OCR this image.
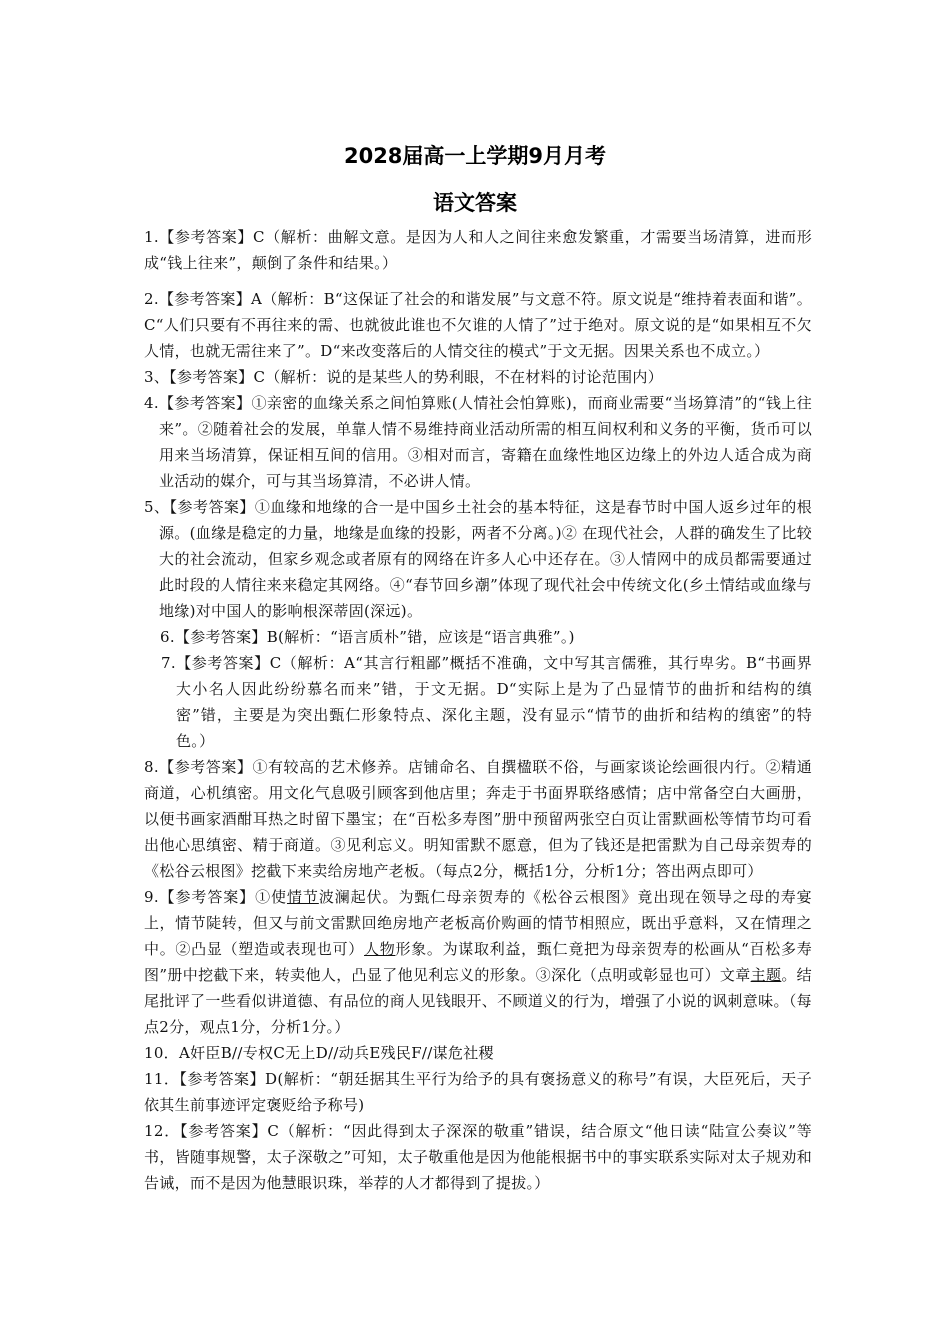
2028届高一上学期9月月考
语文答案

1.【参考答案】C（解析：曲解文意。是因为人和人之间往来愈发繁重，才需要当场清算，进而形成“钱上往来”，颠倒了条件和结果。）

2.【参考答案】A（解析：B“这保证了社会的和谐发展”与文意不符。原文说是“维持着表面和谐”。C“人们只要有不再往来的需、也就彼此谁也不欠谁的人情了”过于绝对。原文说的是“如果相互不欠人情，也就无需往来了”。D“来改变落后的人情交往的模式”于文无据。因果关系也不成立。）

3、【参考答案】C（解析：说的是某些人的势利眼，不在材料的讨论范围内）

4.【参考答案】①亲密的血缘关系之间怕算账(人情社会怕算账)，而商业需要“当场算清”的“钱上往来”。②随着社会的发展，单靠人情不易维持商业活动所需的相互间权利和义务的平衡，货币可以用来当场清算，保证相互间的信用。③相对而言，寄籍在血缘性地区边缘上的外边人适合成为商业活动的媒介，可与其当场算清，不必讲人情。

5、【参考答案】①血缘和地缘的合一是中国乡土社会的基本特征，这是春节时中国人返乡过年的根源。(血缘是稳定的力量，地缘是血缘的投影，两者不分离。)② 在现代社会，人群的确发生了比较大的社会流动，但家乡观念或者原有的网络在许多人心中还存在。③人情网中的成员都需要通过此时段的人情往来来稳定其网络。④“春节回乡潮”体现了现代社会中传统文化(乡土情结或血缘与地缘)对中国人的影响根深蒂固(深远)。

6.【参考答案】B(解析：“语言质朴”错，应该是“语言典雅”。)

7.【参考答案】C（解析：A“其言行粗鄙”概括不准确，文中写其言儒雅，其行卑劣。B“书画界大小名人因此纷纷慕名而来”错，于文无据。D“实际上是为了凸显情节的曲折和结构的缜密”错，主要是为突出甄仁形象特点、深化主题，没有显示“情节的曲折和结构的缜密”的特色。）

8.【参考答案】①有较高的艺术修养。店铺命名、自撰楹联不俗，与画家谈论绘画很内行。②精通商道，心机缜密。用文化气息吸引顾客到他店里；奔走于书面界联络感情；店中常备空白大画册，以便书画家酒酣耳热之时留下墨宝；在“百松多寿图”册中预留两张空白页让雷默画松等情节均可看出他心思缜密、精于商道。③见利忘义。明知雷默不愿意，但为了钱还是把雷默为自己母亲贺寿的《松谷云根图》挖截下来卖给房地产老板。（每点2分，概括1分，分析1分；答出两点即可）

9.【参考答案】①使情节波澜起伏。为甄仁母亲贺寿的《松谷云根图》竟出现在领导之母的寿宴上，情节陡转，但又与前文雷默回绝房地产老板高价购画的情节相照应，既出乎意料，又在情理之中。②凸显（塑造或表现也可）人物形象。为谋取利益，甄仁竟把为母亲贺寿的松画从“百松多寿图”册中挖截下来，转卖他人，凸显了他见利忘义的形象。③深化（点明或彰显也可）文章主题。结尾批评了一些看似讲道德、有品位的商人见钱眼开、不顾道义的行为，增强了小说的讽刺意味。（每点2分，观点1分，分析1分。）

10．A奸臣B//专权C无上D//动兵E残民F//谋危社稷

11．【参考答案】D(解析：“朝廷据其生平行为给予的具有褒扬意义的称号”有误，大臣死后，天子依其生前事迹评定褒贬给予称号)

12．【参考答案】C（解析：“因此得到太子深深的敬重”错误，结合原文“他日读“陆宣公奏议”等书，皆随事规警，太子深敬之”可知，太子敬重他是因为他能根据书中的事实联系实际对太子规劝和告诫，而不是因为他慧眼识珠，举荐的人才都得到了提拔。）
